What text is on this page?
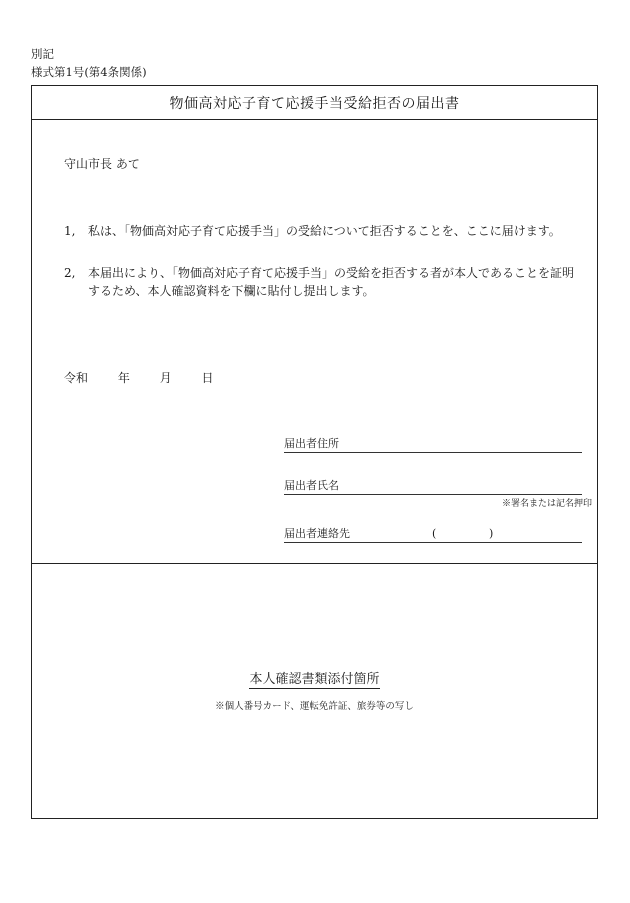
別記
様式第1号(第4条関係)
物価高対応子育て応援手当受給拒否の届出書
守山市長 あて
1, 私は、「物価高対応子育て応援手当」の受給について拒否することを、ここに届けます。
2, 本届出により、「物価高対応子育て応援手当」の受給を拒否する者が本人であることを証明するため、本人確認資料を下欄に貼付し提出します。
令和 年 月 日
届出者住所
届出者氏名
※署名または記名押印
届出者連絡先	(	)
本人確認書類添付箇所
※個人番号カード、運転免許証、旅券等の写し
